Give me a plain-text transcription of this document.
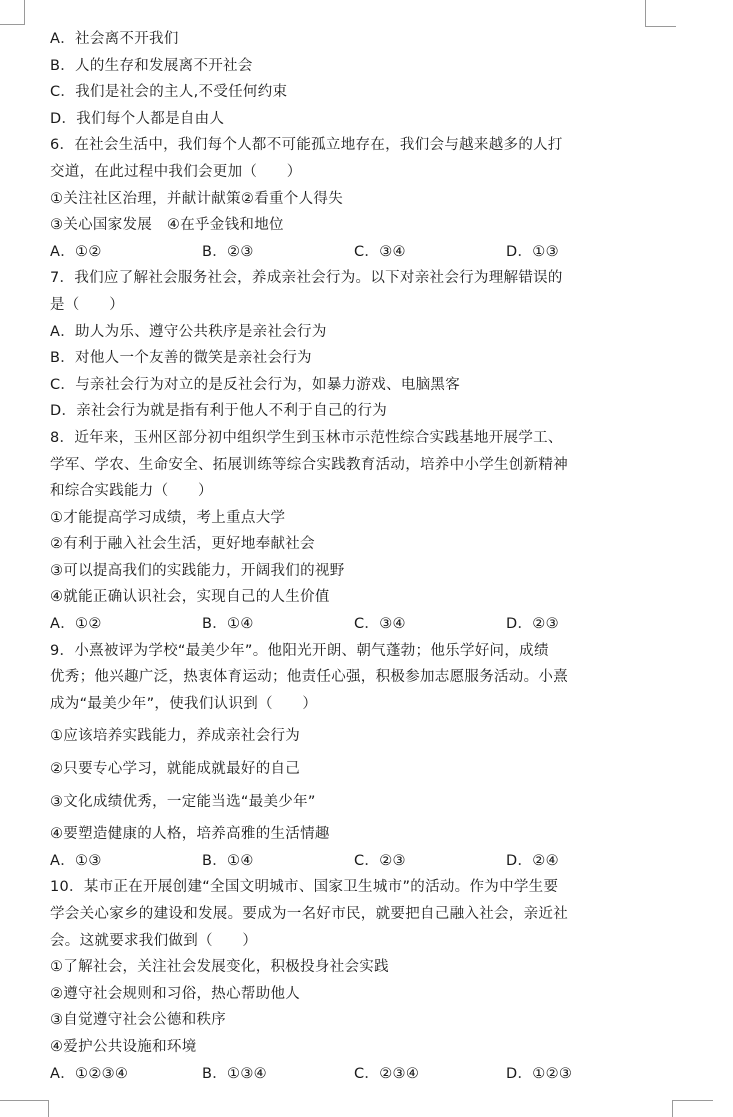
A．社会离不开我们
B．人的生存和发展离不开社会
C．我们是社会的主人,不受任何约束
D．我们每个人都是自由人
6．在社会生活中，我们每个人都不可能孤立地存在，我们会与越来越多的人打
交道，在此过程中我们会更加（　　）
①关注社区治理，并献计献策②看重个人得失
③关心国家发展　④在乎金钱和地位
A．①②	B．②③	C．③④	D．①③
7．我们应了解社会服务社会，养成亲社会行为。以下对亲社会行为理解错误的
是（　　）
A．助人为乐、遵守公共秩序是亲社会行为
B．对他人一个友善的微笑是亲社会行为
C．与亲社会行为对立的是反社会行为，如暴力游戏、电脑黑客
D．亲社会行为就是指有利于他人不利于自己的行为
8．近年来，玉州区部分初中组织学生到玉林市示范性综合实践基地开展学工、
学军、学农、生命安全、拓展训练等综合实践教育活动，培养中小学生创新精神
和综合实践能力（　　）
①才能提高学习成绩，考上重点大学
②有利于融入社会生活，更好地奉献社会
③可以提高我们的实践能力，开阔我们的视野
④就能正确认识社会，实现自己的人生价值
A．①②	B．①④	C．③④	D．②③
9．小熹被评为学校“最美少年”。他阳光开朗、朝气蓬勃；他乐学好问，成绩
优秀；他兴趣广泛，热衷体育运动；他责任心强，积极参加志愿服务活动。小熹
成为“最美少年”，使我们认识到（　　）
①应该培养实践能力，养成亲社会行为
②只要专心学习，就能成就最好的自己
③文化成绩优秀，一定能当选“最美少年”
④要塑造健康的人格，培养高雅的生活情趣
A．①③	B．①④	C．②③	D．②④
10．某市正在开展创建“全国文明城市、国家卫生城市”的活动。作为中学生要
学会关心家乡的建设和发展。要成为一名好市民，就要把自己融入社会，亲近社
会。这就要求我们做到（　　）
①了解社会，关注社会发展变化，积极投身社会实践
②遵守社会规则和习俗，热心帮助他人
③自觉遵守社会公德和秩序
④爱护公共设施和环境
A．①②③④	B．①③④	C．②③④	D．①②③
